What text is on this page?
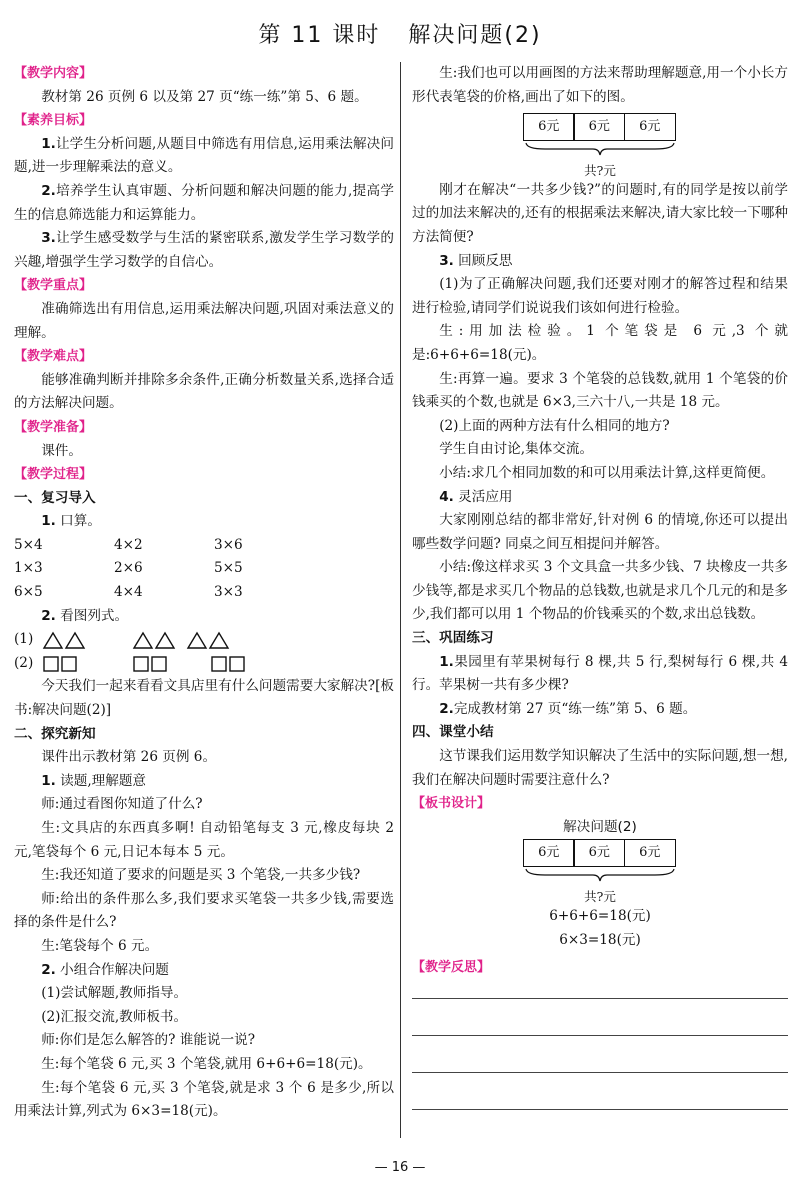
第 11 课时 解决问题(2)

【教学内容】

教材第 26 页例 6 以及第 27 页“练一练”第 5、6 题。

【素养目标】

1.让学生分析问题,从题目中筛选有用信息,运用乘法解决问题,进一步理解乘法的意义。

2.培养学生认真审题、分析问题和解决问题的能力,提高学生的信息筛选能力和运算能力。

3.让学生感受数学与生活的紧密联系,激发学生学习数学的兴趣,增强学生学习数学的自信心。

【教学重点】

准确筛选出有用信息,运用乘法解决问题,巩固对乘法意义的理解。

【教学难点】

能够准确判断并排除多余条件,正确分析数量关系,选择合适的方法解决问题。

【教学准备】

课件。

【教学过程】

一、复习导入

1. 口算。

5×4	4×2	3×6
1×3	2×6	5×5
6×5	4×4	3×3

2. 看图列式。

(1)
(2)

今天我们一起来看看文具店里有什么问题需要大家解决?[板书:解决问题(2)]

二、探究新知

课件出示教材第 26 页例 6。

1. 读题,理解题意

师:通过看图你知道了什么?

生:文具店的东西真多啊! 自动铅笔每支 3 元,橡皮每块 2 元,笔袋每个 6 元,日记本每本 5 元。

生:我还知道了要求的问题是买 3 个笔袋,一共多少钱?

师:给出的条件那么多,我们要求买笔袋一共多少钱,需要选择的条件是什么?

生:笔袋每个 6 元。

2. 小组合作解决问题

(1)尝试解题,教师指导。

(2)汇报交流,教师板书。

师:你们是怎么解答的? 谁能说一说?

生:每个笔袋 6 元,买 3 个笔袋,就用 6+6+6=18(元)。

生:每个笔袋 6 元,买 3 个笔袋,就是求 3 个 6 是多少,所以用乘法计算,列式为 6×3=18(元)。

生:我们也可以用画图的方法来帮助理解题意,用一个小长方形代表笔袋的价格,画出了如下的图。

6元	6元	6元
共?元

刚才在解决“一共多少钱?”的问题时,有的同学是按以前学过的加法来解决的,还有的根据乘法来解决,请大家比较一下哪种方法简便?

3. 回顾反思

(1)为了正确解决问题,我们还要对刚才的解答过程和结果进行检验,请同学们说说我们该如何进行检验。

生:用加法检验。1 个笔袋是 6 元,3 个就是:6+6+6=18(元)。

生:再算一遍。要求 3 个笔袋的总钱数,就用 1 个笔袋的价钱乘买的个数,也就是 6×3,三六十八,一共是 18 元。

(2)上面的两种方法有什么相同的地方?

学生自由讨论,集体交流。

小结:求几个相同加数的和可以用乘法计算,这样更简便。

4. 灵活应用

大家刚刚总结的都非常好,针对例 6 的情境,你还可以提出哪些数学问题? 同桌之间互相提问并解答。

小结:像这样求买 3 个文具盒一共多少钱、7 块橡皮一共多少钱等,都是求买几个物品的总钱数,也就是求几个几元的和是多少,我们都可以用 1 个物品的价钱乘买的个数,求出总钱数。

三、巩固练习

1.果园里有苹果树每行 8 棵,共 5 行,梨树每行 6 棵,共 4 行。苹果树一共有多少棵?

2.完成教材第 27 页“练一练”第 5、6 题。

四、课堂小结

这节课我们运用数学知识解决了生活中的实际问题,想一想,我们在解决问题时需要注意什么?

【板书设计】

解决问题(2)

6元	6元	6元
共?元

6+6+6=18(元)

6×3=18(元)

【教学反思】

— 16 —
